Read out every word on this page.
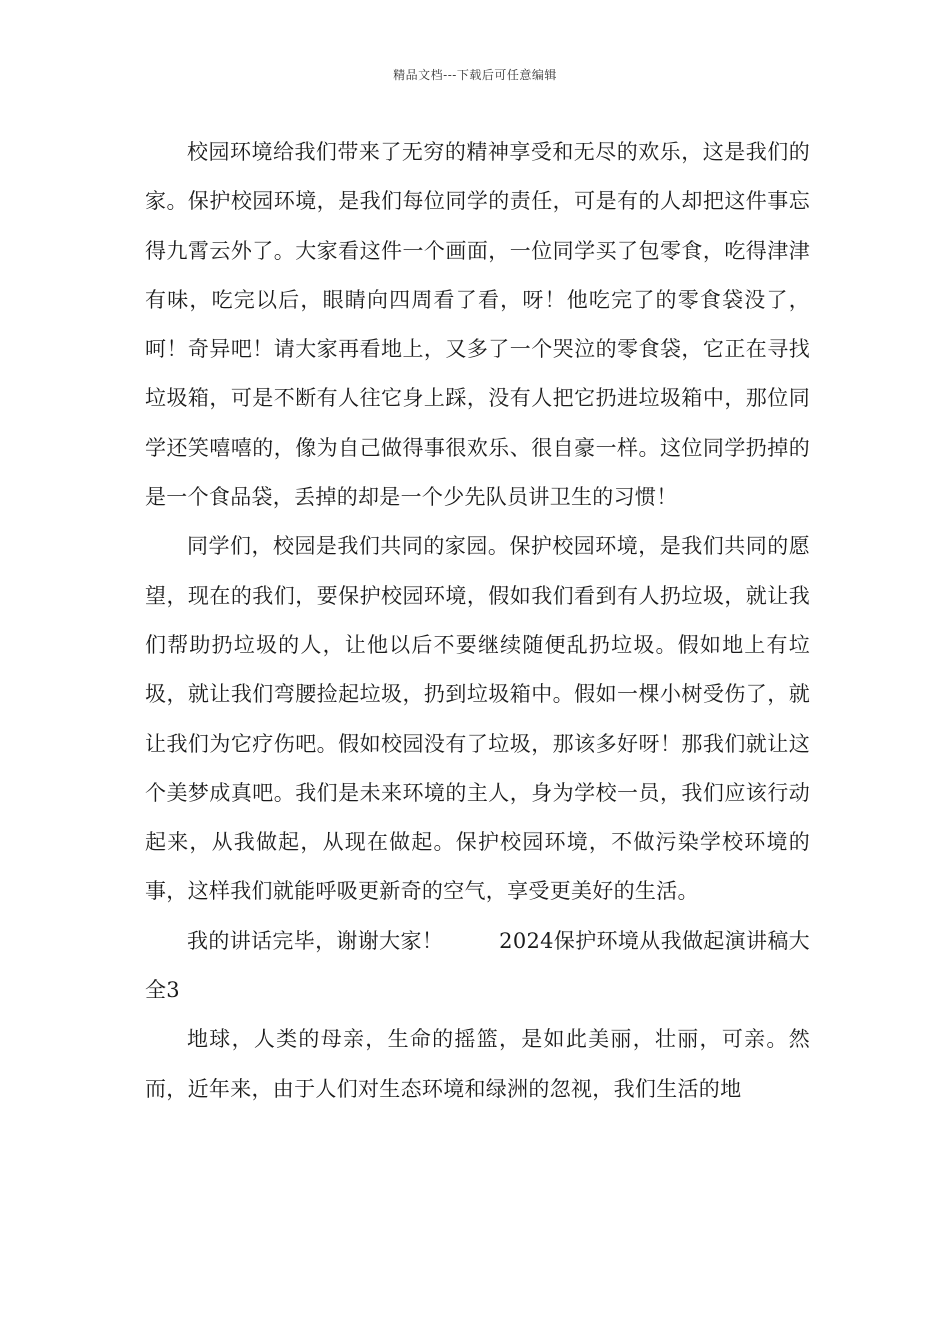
精品文档---下载后可任意编辑

校园环境给我们带来了无穷的精神享受和无尽的欢乐，这是我们的家。保护校园环境，是我们每位同学的责任，可是有的人却把这件事忘得九霄云外了。大家看这件一个画面，一位同学买了包零食，吃得津津有味，吃完以后，眼睛向四周看了看，呀！他吃完了的零食袋没了，呵！奇异吧！请大家再看地上，又多了一个哭泣的零食袋，它正在寻找垃圾箱，可是不断有人往它身上踩，没有人把它扔进垃圾箱中，那位同学还笑嘻嘻的，像为自己做得事很欢乐、很自豪一样。这位同学扔掉的是一个食品袋，丢掉的却是一个少先队员讲卫生的习惯！

同学们，校园是我们共同的家园。保护校园环境，是我们共同的愿望，现在的我们，要保护校园环境，假如我们看到有人扔垃圾，就让我们帮助扔垃圾的人，让他以后不要继续随便乱扔垃圾。假如地上有垃圾，就让我们弯腰捡起垃圾，扔到垃圾箱中。假如一棵小树受伤了，就让我们为它疗伤吧。假如校园没有了垃圾，那该多好呀！那我们就让这个美梦成真吧。我们是未来环境的主人，身为学校一员，我们应该行动起来，从我做起，从现在做起。保护校园环境，不做污染学校环境的事，这样我们就能呼吸更新奇的空气，享受更美好的生活。

我的讲话完毕，谢谢大家！	2024保护环境从我做起演讲稿大全3

地球，人类的母亲，生命的摇篮，是如此美丽，壮丽，可亲。然而，近年来，由于人们对生态环境和绿洲的忽视，我们生活的地
